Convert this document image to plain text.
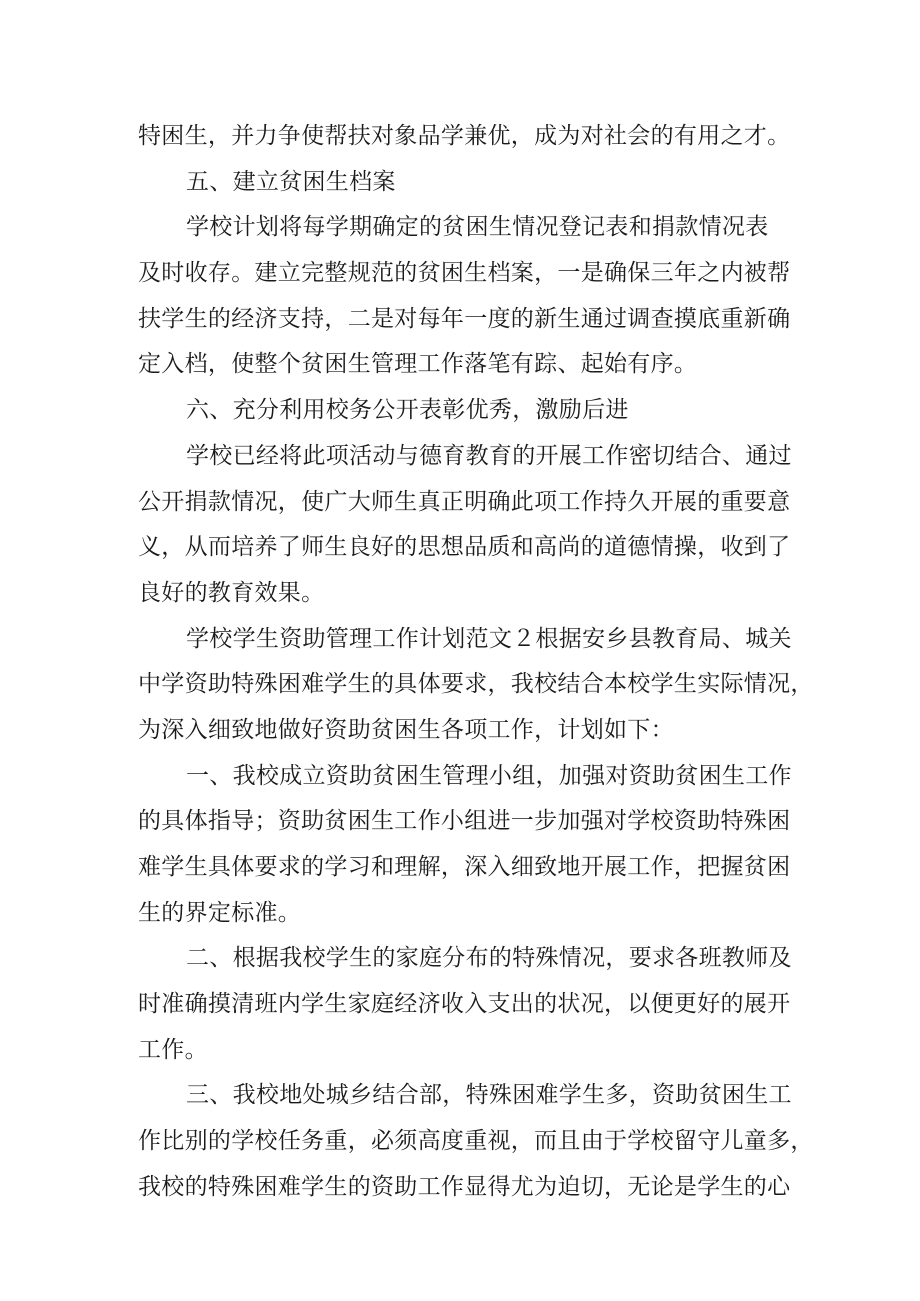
特困生，并力争使帮扶对象品学兼优，成为对社会的有用之才。
五、建立贫困生档案
学校计划将每学期确定的贫困生情况登记表和捐款情况表
及时收存。建立完整规范的贫困生档案，一是确保三年之内被帮
扶学生的经济支持，二是对每年一度的新生通过调查摸底重新确
定入档，使整个贫困生管理工作落笔有踪、起始有序。
六、充分利用校务公开表彰优秀，激励后进
学校已经将此项活动与德育教育的开展工作密切结合、通过
公开捐款情况，使广大师生真正明确此项工作持久开展的重要意
义，从而培养了师生良好的思想品质和高尚的道德情操，收到了
良好的教育效果。
学校学生资助管理工作计划范文２根据安乡县教育局、城关
中学资助特殊困难学生的具体要求，我校结合本校学生实际情况，
为深入细致地做好资助贫困生各项工作，计划如下：
一、我校成立资助贫困生管理小组，加强对资助贫困生工作
的具体指导；资助贫困生工作小组进一步加强对学校资助特殊困
难学生具体要求的学习和理解，深入细致地开展工作，把握贫困
生的界定标准。
二、根据我校学生的家庭分布的特殊情况，要求各班教师及
时准确摸清班内学生家庭经济收入支出的状况，以便更好的展开
工作。
三、我校地处城乡结合部，特殊困难学生多，资助贫困生工
作比别的学校任务重，必须高度重视，而且由于学校留守儿童多，
我校的特殊困难学生的资助工作显得尤为迫切，无论是学生的心
